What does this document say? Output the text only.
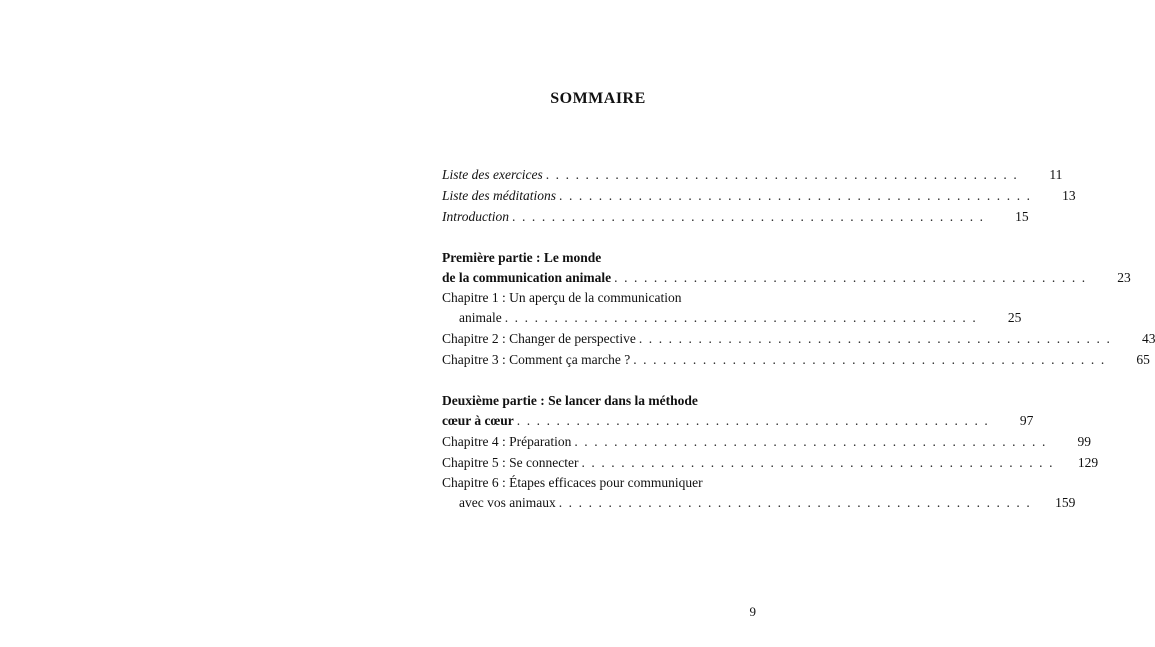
SOMMAIRE
Liste des exercices . . . . . . . . . . . . . . . . . . . . . . . . . . . . . . . . . . . . . . . . . . . . . . . .	11
Liste des méditations . . . . . . . . . . . . . . . . . . . . . . . . . . . . . . . . . . . . . . . . . . . . . . . .	13
Introduction . . . . . . . . . . . . . . . . . . . . . . . . . . . . . . . . . . . . . . . . . . . . . . . .	15
Première partie : Le monde
de la communication animale . . . . . . . . . . . . . . . . . . . . . . . . . . . . . . . . . . . . . . . . . . . . . . . .	23
Chapitre 1 : Un aperçu de la communication
animale . . . . . . . . . . . . . . . . . . . . . . . . . . . . . . . . . . . . . . . . . . . . . . . .	25
Chapitre 2 : Changer de perspective . . . . . . . . . . . . . . . . . . . . . . . . . . . . . . . . . . . . . . . . . . . . . . . .	43
Chapitre 3 : Comment ça marche ? . . . . . . . . . . . . . . . . . . . . . . . . . . . . . . . . . . . . . . . . . . . . . . . .	65
Deuxième partie : Se lancer dans la méthode
cœur à cœur . . . . . . . . . . . . . . . . . . . . . . . . . . . . . . . . . . . . . . . . . . . . . . . .	97
Chapitre 4 : Préparation . . . . . . . . . . . . . . . . . . . . . . . . . . . . . . . . . . . . . . . . . . . . . . . .	99
Chapitre 5 : Se connecter . . . . . . . . . . . . . . . . . . . . . . . . . . . . . . . . . . . . . . . . . . . . . . . .	129
Chapitre 6 : Étapes efficaces pour communiquer
avec vos animaux . . . . . . . . . . . . . . . . . . . . . . . . . . . . . . . . . . . . . . . . . . . . . . . .	159
9
